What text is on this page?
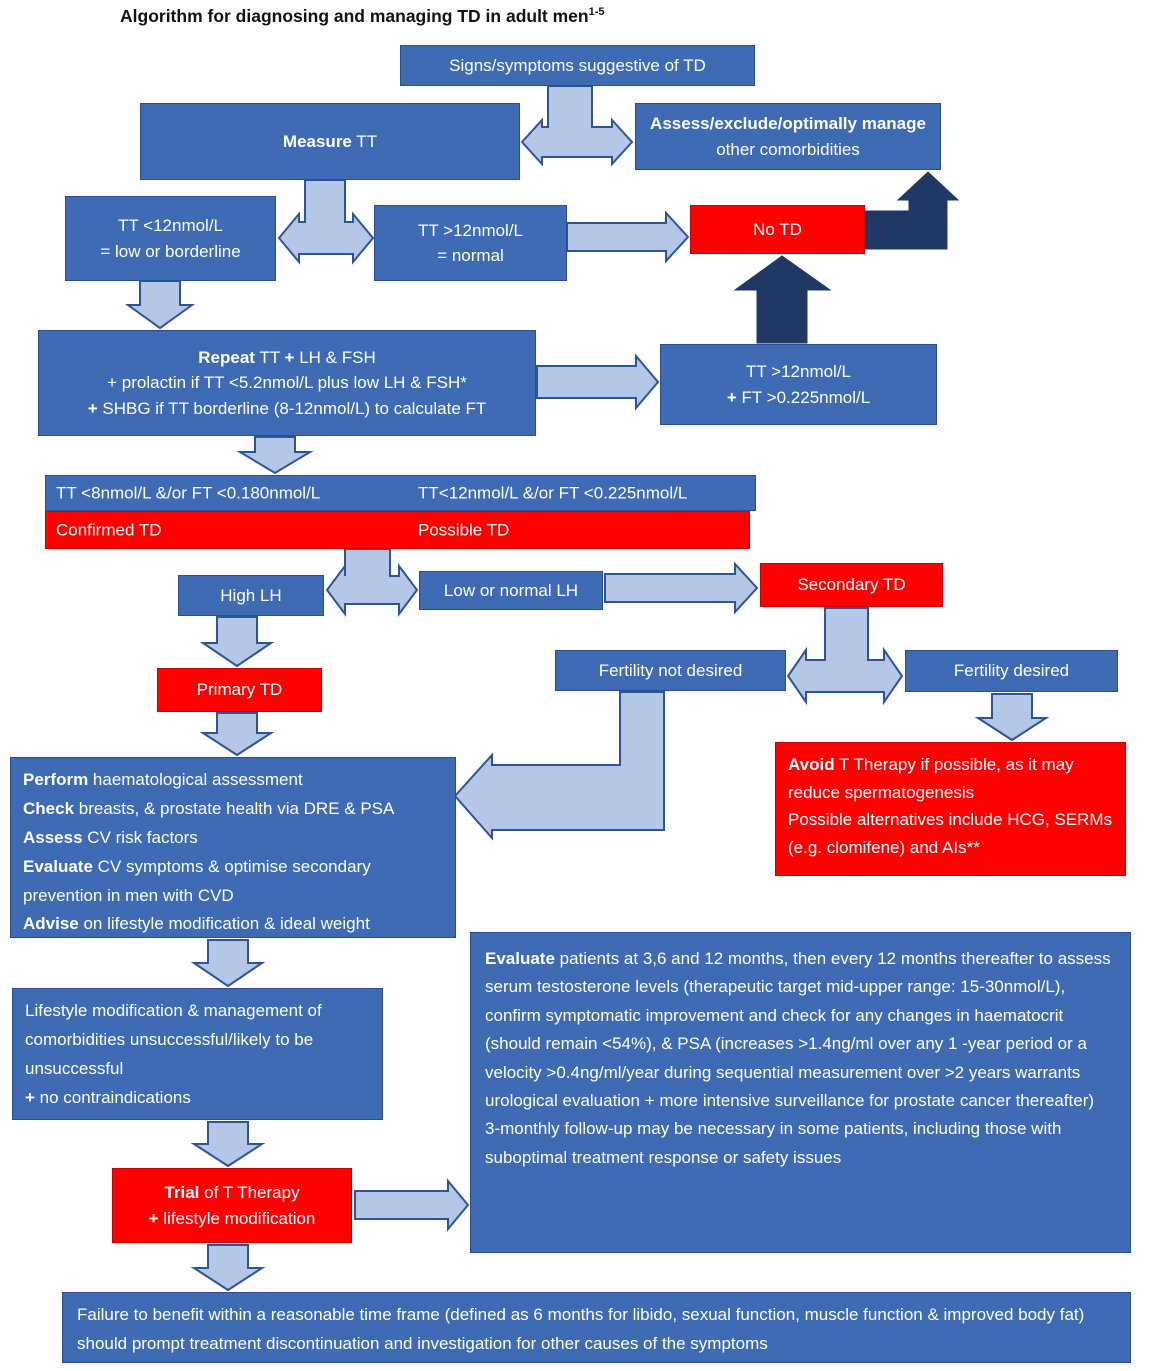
Algorithm for diagnosing and managing TD in adult men$^{1-5}$
Signs/symptoms suggestive of TD
Measure TT
Assess/exclude/optimally manage other comorbidities
TT <12nmol/L
= low or borderline
TT >12nmol/L
= normal
No TD
Repeat TT + LH & FSH
+ prolactin if TT <5.2nmol/L plus low LH & FSH*
+ SHBG if TT borderline (8-12nmol/L) to calculate FT
TT >12nmol/L
+ FT >0.225nmol/L
TT <8nmol/L &/or FT <0.180nmol/L	TT<12nmol/L &/or FT <0.225nmol/L
Confirmed TD	Possible TD
High LH	Low or normal LH	Secondary TD
Primary TD
Fertility not desired	Fertility desired
Avoid T Therapy if possible, as it may reduce spermatogenesis
Possible alternatives include HCG, SERMs (e.g. clomifene) and AIs**
Perform haematological assessment
Check breasts, & prostate health via DRE & PSA
Assess CV risk factors
Evaluate CV symptoms & optimise secondary prevention in men with CVD
Advise on lifestyle modification & ideal weight
Lifestyle modification & management of comorbidities unsuccessful/likely to be unsuccessful
+ no contraindications
Trial of T Therapy
+ lifestyle modification
Evaluate patients at 3,6 and 12 months, then every 12 months thereafter to assess serum testosterone levels (therapeutic target mid-upper range: 15-30nmol/L), confirm symptomatic improvement and check for any changes in haematocrit (should remain <54%), & PSA (increases >1.4ng/ml over any 1 -year period or a velocity >0.4ng/ml/year during sequential measurement over >2 years warrants urological evaluation + more intensive surveillance for prostate cancer thereafter)
3-monthly follow-up may be necessary in some patients, including those with suboptimal treatment response or safety issues
Failure to benefit within a reasonable time frame (defined as 6 months for libido, sexual function, muscle function & improved body fat) should prompt treatment discontinuation and investigation for other causes of the symptoms
